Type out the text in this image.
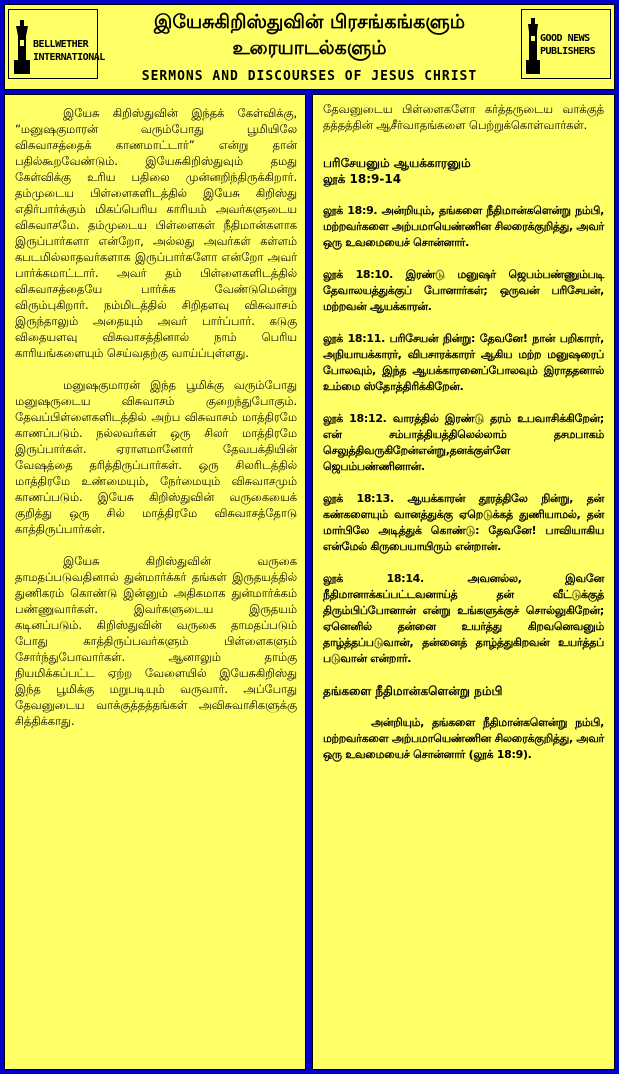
BELLWETHER
INTERNATIONAL
இயேசுகிறிஸ்துவின் பிரசங்கங்களும்
உரையாடல்களும்
SERMONS AND DISCOURSES OF JESUS CHRIST
GOOD NEWS
PUBLISHERS

இயேசு கிறிஸ்துவின் இந்தக் கேள்விக்கு, “மனுஷகுமாரன் வரும்போது பூமியிலே விசுவாசத்தைக் காணமாட்டார்” என்று தான் பதில்கூறவேண்டும். இயேசுகிறிஸ்துவும் தமது கேள்விக்கு உரிய பதிலை முன்னறிந்திருக்கிறார். தம்முடைய பிள்ளைகளிடத்தில் இயேசு கிறிஸ்து எதிர்பார்க்கும் மிகப்பெரிய காரியம் அவர்களுடைய விசுவாசமே. தம்முடைய பிள்ளைகள் நீதிமான்களாக இருப்பார்களா என்றோ, அல்லது அவர்கள் கள்ளம் கபடமில்லாதவர்களாக இருப்பார்களோ என்றோ அவர் பார்க்கமாட்டார். அவர் தம் பிள்ளைகளிடத்தில் விசுவாசத்தையே பார்க்க வேண்டுமென்று விரும்புகிறார். நம்மிடத்தில் சிறிதளவு விசுவாசம் இருந்தாலும் அதையும் அவர் பார்ப்பார். கடுகு விதையளவு விசுவாசத்தினால் நாம் பெரிய காரியங்களையும் செய்வதற்கு வாய்ப்புள்ளது.

மனுஷகுமாரன் இந்த பூமிக்கு வரும்போது மனுஷருடைய விசுவாசம் குறைந்துபோகும். தேவப்பிள்ளைகளிடத்தில் அற்ப விசுவாசம் மாத்திரமே காணப்படும். நல்லவர்கள் ஒரு சிலர் மாத்திரமே இருப்பார்கள். ஏராளமானோர் தேவபக்தியின் வேஷத்தை தரித்திருப்பார்கள். ஒரு சிலரிடத்தில் மாத்திரமே உண்மையும், நேர்மையும் விசுவாசமும் காணப்படும். இயேசு கிறிஸ்துவின் வருகையைக் குறித்து ஒரு சில் மாத்திரமே விசுவாசத்தோடு காத்திருப்பார்கள்.

இயேசு கிறிஸ்துவின் வருகை தாமதப்படுவதினால் துன்மார்க்கர் தங்கள் இருதயத்தில் துணிகரம் கொண்டு இன்னும் அதிகமாக துன்மார்க்கம் பண்ணுவார்கள். இவர்களுடைய இருதயம் கடினப்படும். கிறிஸ்துவின் வருகை தாமதப்படும் போது காத்திருப்பவர்களும் பிள்ளைகளும் சோர்ந்துபோவார்கள். ஆனாலும் தாம்கு நியமிக்கப்பட்ட ஏற்ற வேளையில் இயேசுகிறிஸ்து இந்த பூமிக்கு மறுபடியும் வருவார். அப்போது தேவனுடைய வாக்குத்தத்தங்கள் அவிசுவாசிகளுக்கு சித்திக்காது.

தேவனுடைய பிள்ளைகளோ கர்த்தருடைய வாக்குத் தத்தத்தின் ஆசீர்வாதங்களை பெற்றுக்கொள்வார்கள்.

பரிசேயனும் ஆயக்காரனும்
லூக் 18:9-14

லூக் 18:9. அன்றியும், தங்களை நீதிமான்களென்று நம்பி, மற்றவர்களை அற்பமாயெண்ணின சிலரைக்குறித்து, அவர் ஒரு உவமையைச் சொன்னார்.

லூக் 18:10. இரண்டு மனுஷர் ஜெபம்பண்ணும்படி தேவாலயத்துக்குப் போனார்கள்; ஒருவன் பரிசேயன், மற்றவன் ஆயக்காரன்.

லூக் 18:11. பரிசேயன் நின்று: தேவனே! நான் பறிகாரர், அநியாயக்காரர், விபசாரக்காரர் ஆகிய மற்ற மனுஷரைப் போலவும், இந்த ஆயக்காரனைப்போலவும் இராததனால் உம்மை ஸ்தோத்திரிக்கிறேன்.

லூக் 18:12. வாரத்தில் இரண்டு தரம் உபவாசிக்கிறேன்; என் சம்பாத்தியத்திலெல்லாம் தசமபாகம் செலுத்திவருகிறேன்என்று,தனக்குள்ளே ஜெபம்பண்ணினான்.

லூக் 18:13. ஆயக்காரன் தூரத்திலே நின்று, தன் கண்களையும் வானத்துக்கு ஏறெடுக்கத் துணியாமல், தன் மார்பிலே அடித்துக் கொண்டு: தேவனே! பாவியாகிய என்மேல் கிருபையாயிரும் என்றான்.

லூக் 18:14. அவனல்ல, இவனே நீதிமானாக்கப்பட்டவனாய்த் தன் வீட்டுக்குத் திரும்பிப்போனான் என்று உங்களுக்குச் சொல்லுகிறேன்; ஏனெனில் தன்னை உயர்த்து கிறவனெவனும் தாழ்த்தப்படுவான், தன்னைத் தாழ்த்துகிறவன் உயர்த்தப் படுவான் என்றார்.

தங்களை நீதிமான்களென்று நம்பி

அன்றியும், தங்களை நீதிமான்களென்று நம்பி, மற்றவர்களை அற்பமாயெண்ணின சிலரைக்குறித்து, அவர் ஒரு உவமையைச் சொன்னார் (லூக் 18:9).
